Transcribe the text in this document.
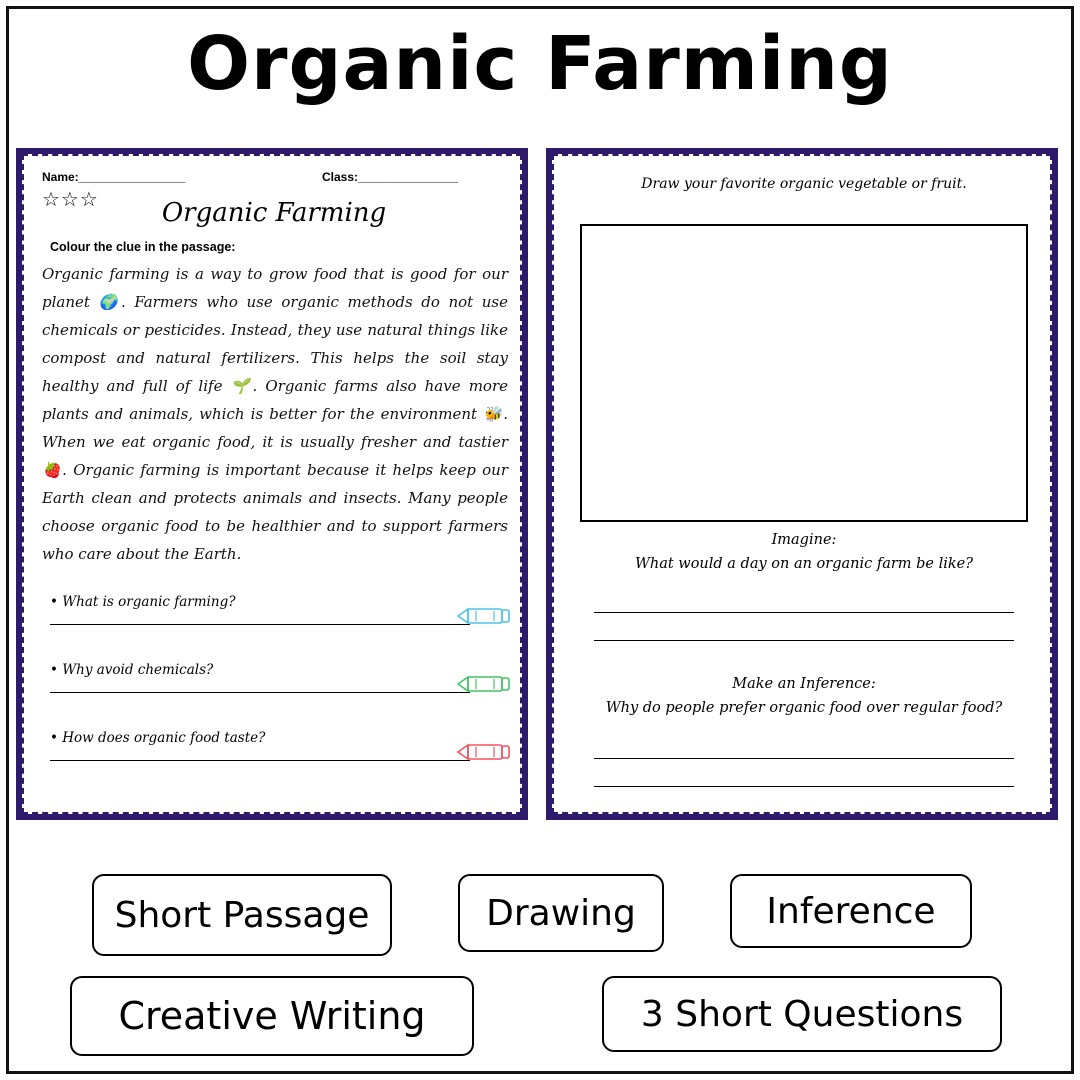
Organic Farming
Name:________________	Class:_______________
☆☆☆	Organic Farming
Colour the clue in the passage:
Organic farming is a way to grow food that is good for our planet 🌍. Farmers who use organic methods do not use chemicals or pesticides. Instead, they use natural things like compost and natural fertilizers. This helps the soil stay healthy and full of life 🌱. Organic farms also have more plants and animals, which is better for the environment 🐝. When we eat organic food, it is usually fresher and tastier 🍓. Organic farming is important because it helps keep our Earth clean and protects animals and insects. Many people choose organic food to be healthier and to support farmers who care about the Earth.
• What is organic farming?
• Why avoid chemicals?
• How does organic food taste?
Draw your favorite organic vegetable or fruit.
Imagine:
What would a day on an organic farm be like?
Make an Inference:
Why do people prefer organic food over regular food?
Short Passage	Drawing	Inference
Creative Writing	3 Short Questions
